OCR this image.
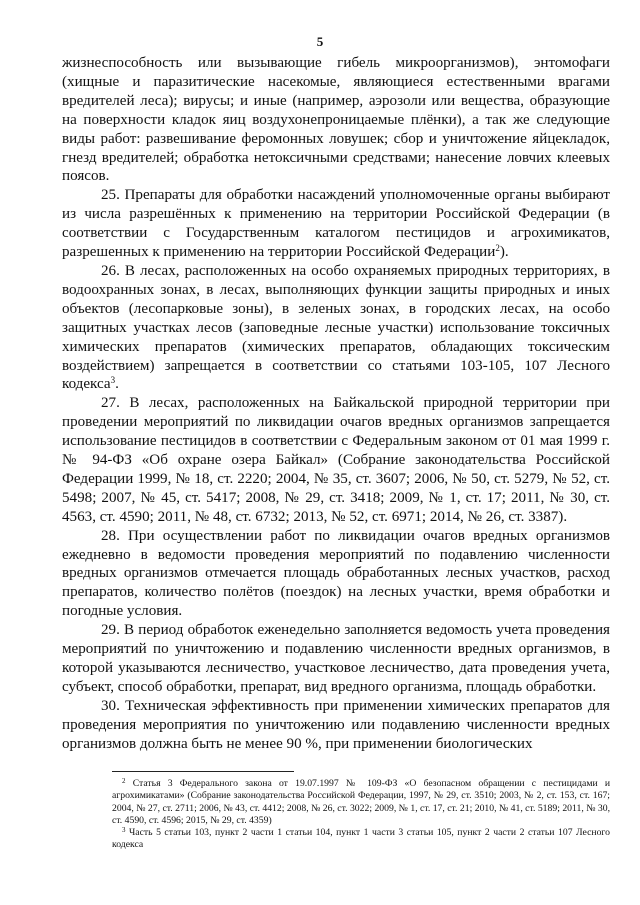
5

жизнеспособность или вызывающие гибель микроорганизмов), энтомофаги (хищные и паразитические насекомые, являющиеся естественными врагами вредителей леса); вирусы; и иные (например, аэрозоли или вещества, образующие на поверхности кладок яиц воздухонепроницаемые плёнки), а так же следующие виды работ: развешивание феромонных ловушек; сбор и уничтожение яйцекладок, гнезд вредителей; обработка нетоксичными средствами; нанесение ловчих клеевых поясов.

25. Препараты для обработки насаждений уполномоченные органы выбирают из числа разрешённых к применению на территории Российской Федерации (в соответствии с Государственным каталогом пестицидов и агрохимикатов, разрешенных к применению на территории Российской Федерации$^2$).

26. В лесах, расположенных на особо охраняемых природных территориях, в водоохранных зонах, в лесах, выполняющих функции защиты природных и иных объектов (лесопарковые зоны), в зеленых зонах, в городских лесах, на особо защитных участках лесов (заповедные лесные участки) использование токсичных химических препаратов (химических препаратов, обладающих токсическим воздействием) запрещается в соответствии со статьями 103-105, 107 Лесного кодекса$^3$.

27. В лесах, расположенных на Байкальской природной территории при проведении мероприятий по ликвидации очагов вредных организмов запрещается использование пестицидов в соответствии с Федеральным законом от 01 мая 1999 г. № 94-ФЗ «Об охране озера Байкал» (Собрание законодательства Российской Федерации 1999, № 18, ст. 2220; 2004, № 35, ст. 3607; 2006, № 50, ст. 5279, № 52, ст. 5498; 2007, № 45, ст. 5417; 2008, № 29, ст. 3418; 2009, № 1, ст. 17; 2011, № 30, ст. 4563, ст. 4590; 2011, № 48, ст. 6732; 2013, № 52, ст. 6971; 2014, № 26, ст. 3387).

28. При осуществлении работ по ликвидации очагов вредных организмов ежедневно в ведомости проведения мероприятий по подавлению численности вредных организмов отмечается площадь обработанных лесных участков, расход препаратов, количество полётов (поездок) на лесных участки, время обработки и погодные условия.

29. В период обработок еженедельно заполняется ведомость учета проведения мероприятий по уничтожению и подавлению численности вредных организмов, в которой указываются лесничество, участковое лесничество, дата проведения учета, субъект, способ обработки, препарат, вид вредного организма, площадь обработки.

30. Техническая эффективность при применении химических препаратов для проведения мероприятия по уничтожению или подавлению численности вредных организмов должна быть не менее 90 %, при применении биологических

$^2$ Статья 3 Федерального закона от 19.07.1997 № 109-ФЗ «О безопасном обращении с пестицидами и агрохимикатами» (Собрание законодательства Российской Федерации, 1997, № 29, ст. 3510; 2003, № 2, ст. 153, ст. 167; 2004, № 27, ст. 2711; 2006, № 43, ст. 4412; 2008, № 26, ст. 3022; 2009, № 1, ст. 17, ст. 21; 2010, № 41, ст. 5189; 2011, № 30, ст. 4590, ст. 4596; 2015, № 29, ст. 4359)

$^3$ Часть 5 статьи 103, пункт 2 части 1 статьи 104, пункт 1 части 3 статьи 105, пункт 2 части 2 статьи 107 Лесного кодекса
